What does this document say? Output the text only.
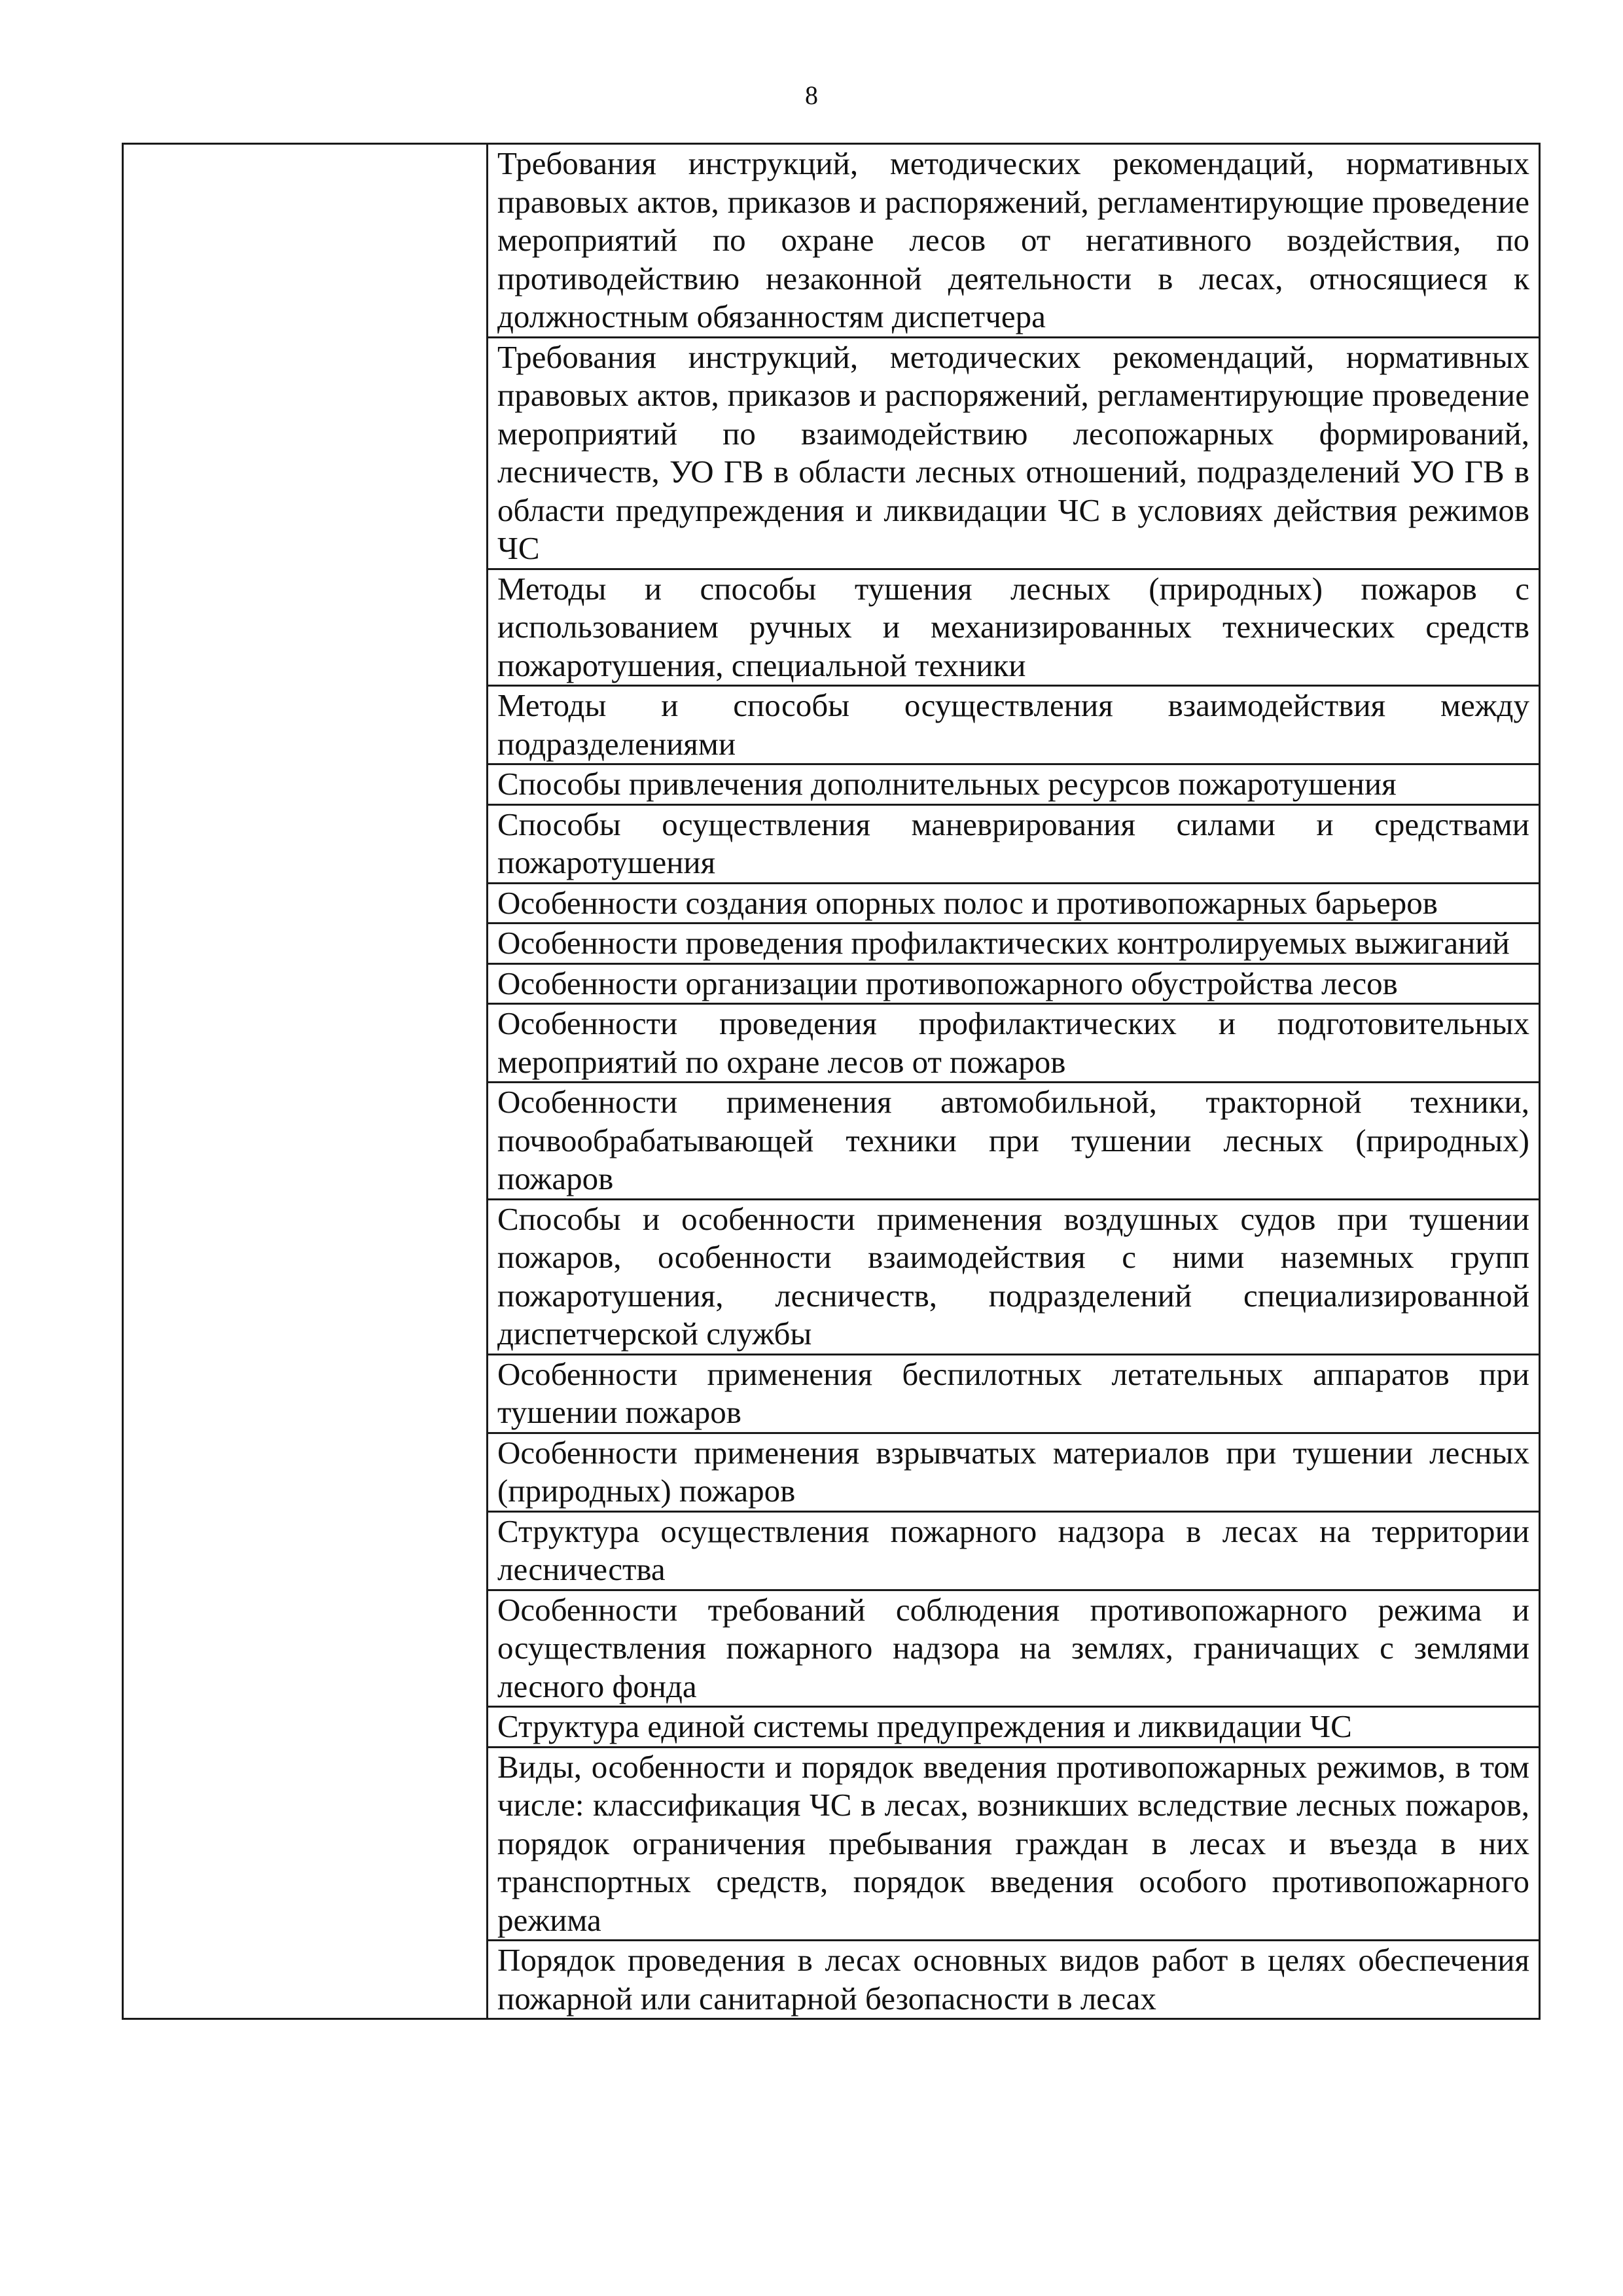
8
Требования инструкций, методических рекомендаций, нормативных правовых актов, приказов и распоряжений, регламентирующие проведение мероприятий по охране лесов от негативного воздействия, по противодействию незаконной деятельности в лесах, относящиеся к должностным обязанностям диспетчера
Требования инструкций, методических рекомендаций, нормативных правовых актов, приказов и распоряжений, регламентирующие проведение мероприятий по взаимодействию лесопожарных формирований, лесничеств, УО ГВ в области лесных отношений, подразделений УО ГВ в области предупреждения и ликвидации ЧС в условиях действия режимов ЧС
Методы и способы тушения лесных (природных) пожаров с использованием ручных и механизированных технических средств пожаротушения, специальной техники
Методы и способы осуществления взаимодействия между подразделениями
Способы привлечения дополнительных ресурсов пожаротушения
Способы осуществления маневрирования силами и средствами пожаротушения
Особенности создания опорных полос и противопожарных барьеров
Особенности проведения профилактических контролируемых выжиганий
Особенности организации противопожарного обустройства лесов
Особенности проведения профилактических и подготовительных мероприятий по охране лесов от пожаров
Особенности применения автомобильной, тракторной техники, почвообрабатывающей техники при тушении лесных (природных) пожаров
Способы и особенности применения воздушных судов при тушении пожаров, особенности взаимодействия с ними наземных групп пожаротушения, лесничеств, подразделений специализированной диспетчерской службы
Особенности применения беспилотных летательных аппаратов при тушении пожаров
Особенности применения взрывчатых материалов при тушении лесных (природных) пожаров
Структура осуществления пожарного надзора в лесах на территории лесничества
Особенности требований соблюдения противопожарного режима и осуществления пожарного надзора на землях, граничащих с землями лесного фонда
Структура единой системы предупреждения и ликвидации ЧС
Виды, особенности и порядок введения противопожарных режимов, в том числе: классификация ЧС в лесах, возникших вследствие лесных пожаров, порядок ограничения пребывания граждан в лесах и въезда в них транспортных средств, порядок введения особого противопожарного режима
Порядок проведения в лесах основных видов работ в целях обеспечения пожарной или санитарной безопасности в лесах
